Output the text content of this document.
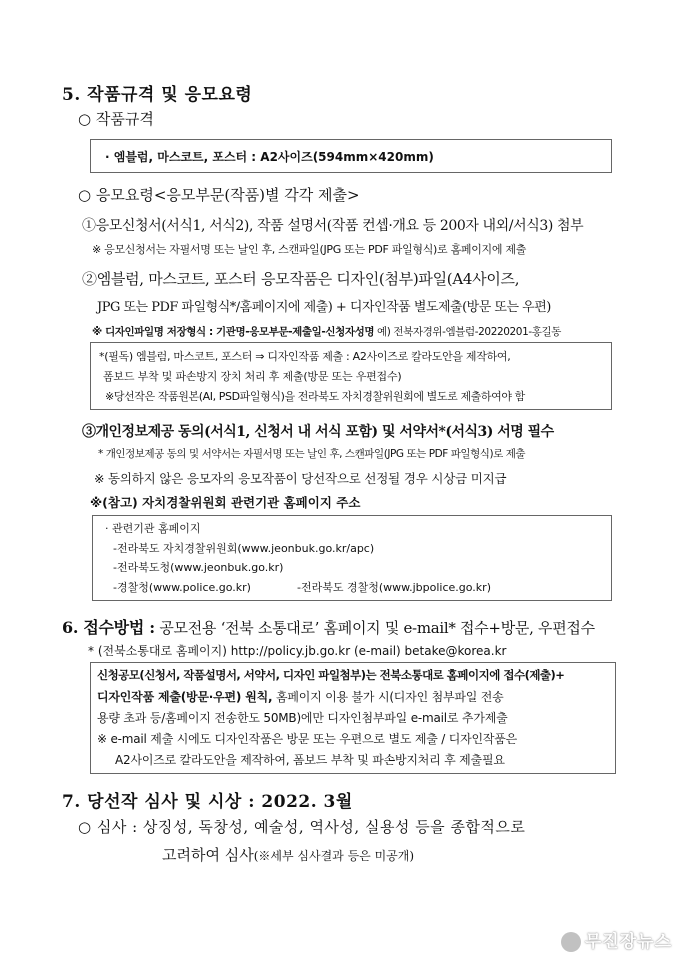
5. 작품규격 및 응모요령
○ 작품규격
· 엠블럼, 마스코트, 포스터 : A2사이즈(594mm×420mm)
○ 응모요령<응모부문(작품)별 각각 제출>
①응모신청서(서식1, 서식2), 작품 설명서(작품 컨셉·개요 등 200자 내외/서식3) 첨부
※ 응모신청서는 자필서명 또는 날인 후, 스캔파일(JPG 또는 PDF 파일형식)로 홈페이지에 제출
②엠블럼, 마스코트, 포스터 응모작품은 디자인(첨부)파일(A4사이즈,
JPG 또는 PDF 파일형식*/홈페이지에 제출) + 디자인작품 별도제출(방문 또는 우편)
※ 디자인파일명 저장형식 : 기관명-응모부문-제출일-신청자성명 예) 전북자경위-엠블럼-20220201-홍길동
*(필독) 엠블럼, 마스코트, 포스터 ⇒ 디자인작품 제출 : A2사이즈로 칼라도안을 제작하여,
폼보드 부착 및 파손방지 장치 처리 후 제출(방문 또는 우편접수)
※당선작은 작품원본(AI, PSD파일형식)을 전라북도 자치경찰위원회에 별도로 제출하여야 함
③개인정보제공 동의(서식1, 신청서 내 서식 포함) 및 서약서*(서식3) 서명 필수
* 개인정보제공 동의 및 서약서는 자필서명 또는 날인 후, 스캔파일(JPG 또는 PDF 파일형식)로 제출
※ 동의하지 않은 응모자의 응모작품이 당선작으로 선정될 경우 시상금 미지급
※(참고) 자치경찰위원회 관련기관 홈페이지 주소
· 관련기관 홈페이지
-전라북도 자치경찰위원회(www.jeonbuk.go.kr/apc)
-전라북도청(www.jeonbuk.go.kr)
-경찰청(www.police.go.kr)	-전라북도 경찰청(www.jbpolice.go.kr)
6. 접수방법 : 공모전용 ‘전북 소통대로’ 홈페이지 및 e-mail* 접수+방문, 우편접수
* (전북소통대로 홈페이지) http://policy.jb.go.kr (e-mail) betake@korea.kr
신청공모(신청서, 작품설명서, 서약서, 디자인 파일첨부)는 전북소통대로 홈페이지에 접수(제출)+
디자인작품 제출(방문·우편) 원칙, 홈페이지 이용 불가 시(디자인 첨부파일 전송
용량 초과 등/홈페이지 전송한도 50MB)에만 디자인첨부파일 e-mail로 추가제출
※ e-mail 제출 시에도 디자인작품은 방문 또는 우편으로 별도 제출 / 디자인작품은
A2사이즈로 칼라도안을 제작하여, 폼보드 부착 및 파손방지처리 후 제출필요
7. 당선작 심사 및 시상 : 2022. 3월
○ 심사 : 상징성, 독창성, 예술성, 역사성, 실용성 등을 종합적으로
고려하여 심사(※세부 심사결과 등은 미공개)
무진장뉴스
